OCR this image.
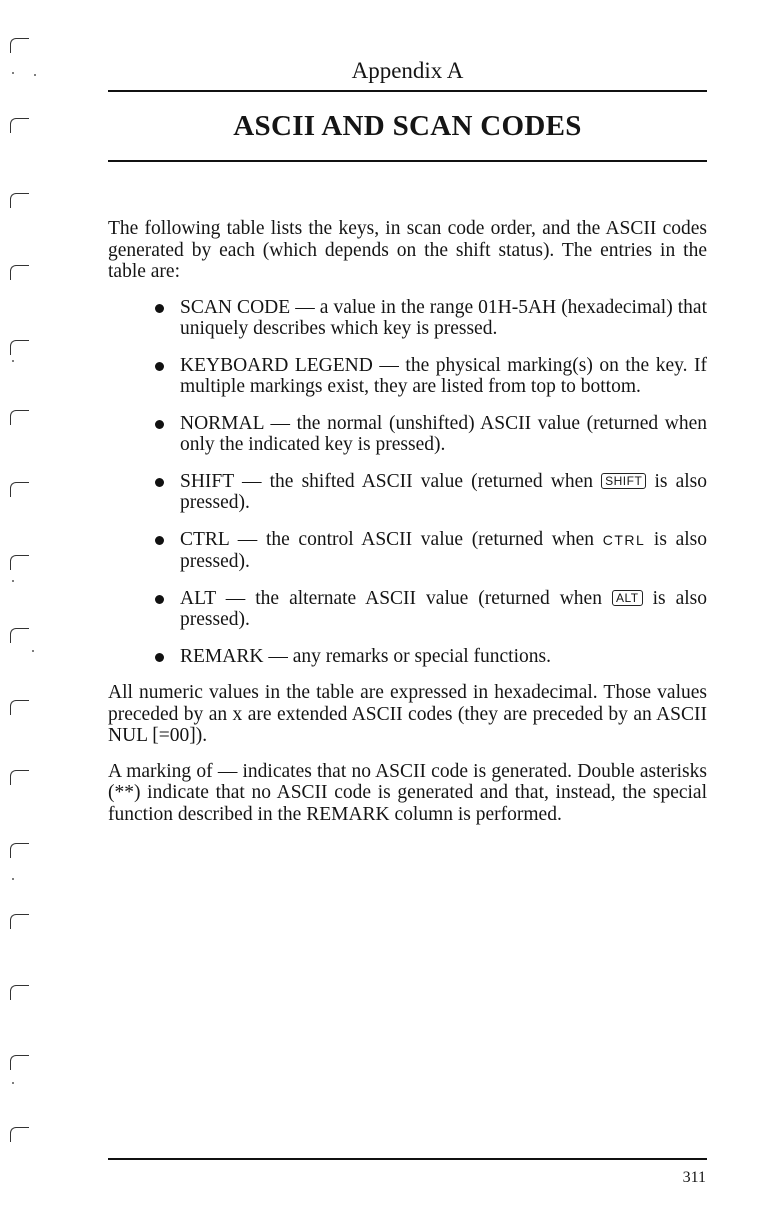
Appendix A
ASCII AND SCAN CODES

The following table lists the keys, in scan code order, and the ASCII codes generated by each (which depends on the shift status). The entries in the table are:

SCAN CODE — a value in the range 01H-5AH (hexadecimal) that uniquely describes which key is pressed.
KEYBOARD LEGEND — the physical marking(s) on the key. If multiple markings exist, they are listed from top to bottom.
NORMAL — the normal (unshifted) ASCII value (returned when only the indicated key is pressed).
SHIFT — the shifted ASCII value (returned when SHIFT is also pressed).
CTRL — the control ASCII value (returned when CTRL is also pressed).
ALT — the alternate ASCII value (returned when ALT is also pressed).
REMARK — any remarks or special functions.

All numeric values in the table are expressed in hexadecimal. Those values preceded by an x are extended ASCII codes (they are preceded by an ASCII NUL [=00]).

A marking of — indicates that no ASCII code is generated. Double asterisks (**) indicate that no ASCII code is generated and that, instead, the special function described in the REMARK column is performed.

311
